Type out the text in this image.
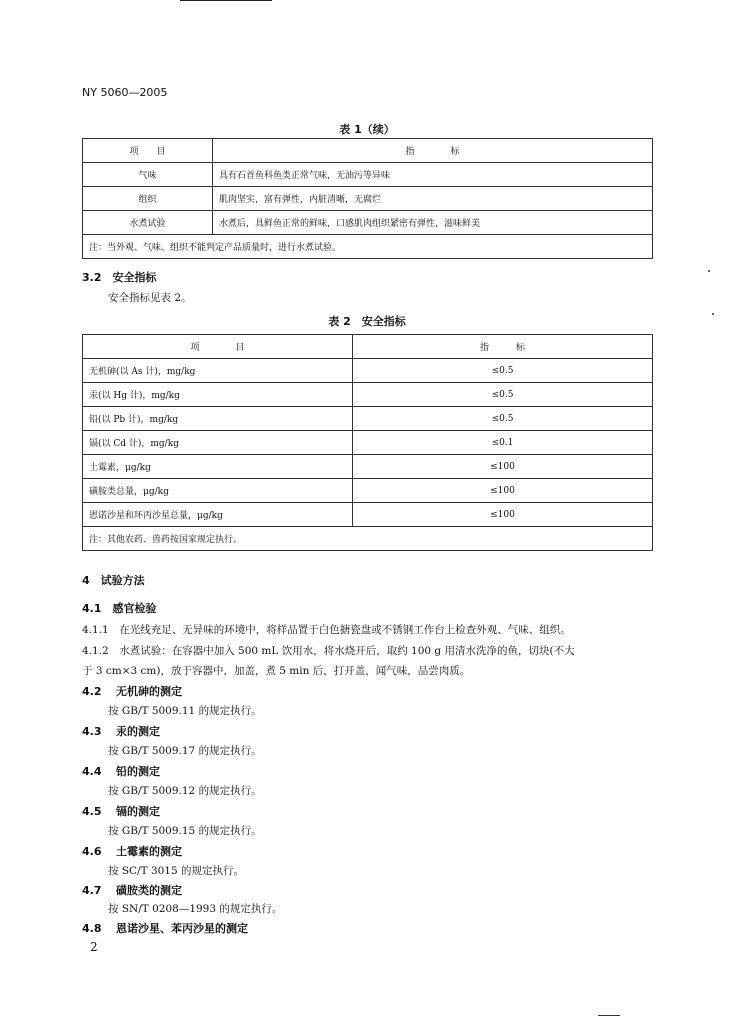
NY 5060—2005
表 1（续）
项　　目	指　　　　标
气味	具有石首鱼科鱼类正常气味，无油污等异味
组织	肌肉坚实，富有弹性，内脏清晰，无腐烂
水煮试验	水煮后，具鲜鱼正常的鲜味，口感肌肉组织紧密有弹性，滋味鲜美
注：当外观、气味、组织不能判定产品质量时，进行水煮试验。	
3.2　安全指标
安全指标见表 2。
表 2　安全指标
项　　　　目	指　　　标
无机砷(以 As 计)，mg/kg	≤0.5
汞(以 Hg 计)，mg/kg	≤0.5
铅(以 Pb 计)，mg/kg	≤0.5
镉(以 Cd 计)，mg/kg	≤0.1
土霉素，μg/kg	≤100
磺胺类总量，μg/kg	≤100
恩诺沙星和环丙沙星总量，μg/kg	≤100
注：其他农药、兽药按国家规定执行。	
4　试验方法
4.1　感官检验
4.1.1　在光线充足、无异味的环境中，将样品置于白色搪瓷盘或不锈钢工作台上检查外观、气味、组织。
4.1.2　水煮试验：在容器中加入 500 mL 饮用水，将水烧开后，取约 100 g 用清水洗净的鱼，切块(不大
于 3 cm×3 cm)，放于容器中，加盖，煮 5 min 后，打开盖，闻气味，品尝肉质。
4.2 无机砷的测定
按 GB/T 5009.11 的规定执行。
4.3 汞的测定
按 GB/T 5009.17 的规定执行。
4.4 铅的测定
按 GB/T 5009.12 的规定执行。
4.5 镉的测定
按 GB/T 5009.15 的规定执行。
4.6 土霉素的测定
按 SC/T 3015 的规定执行。
4.7 磺胺类的测定
按 SN/T 0208—1993 的规定执行。
4.8 恩诺沙星、苯丙沙星的测定
2
